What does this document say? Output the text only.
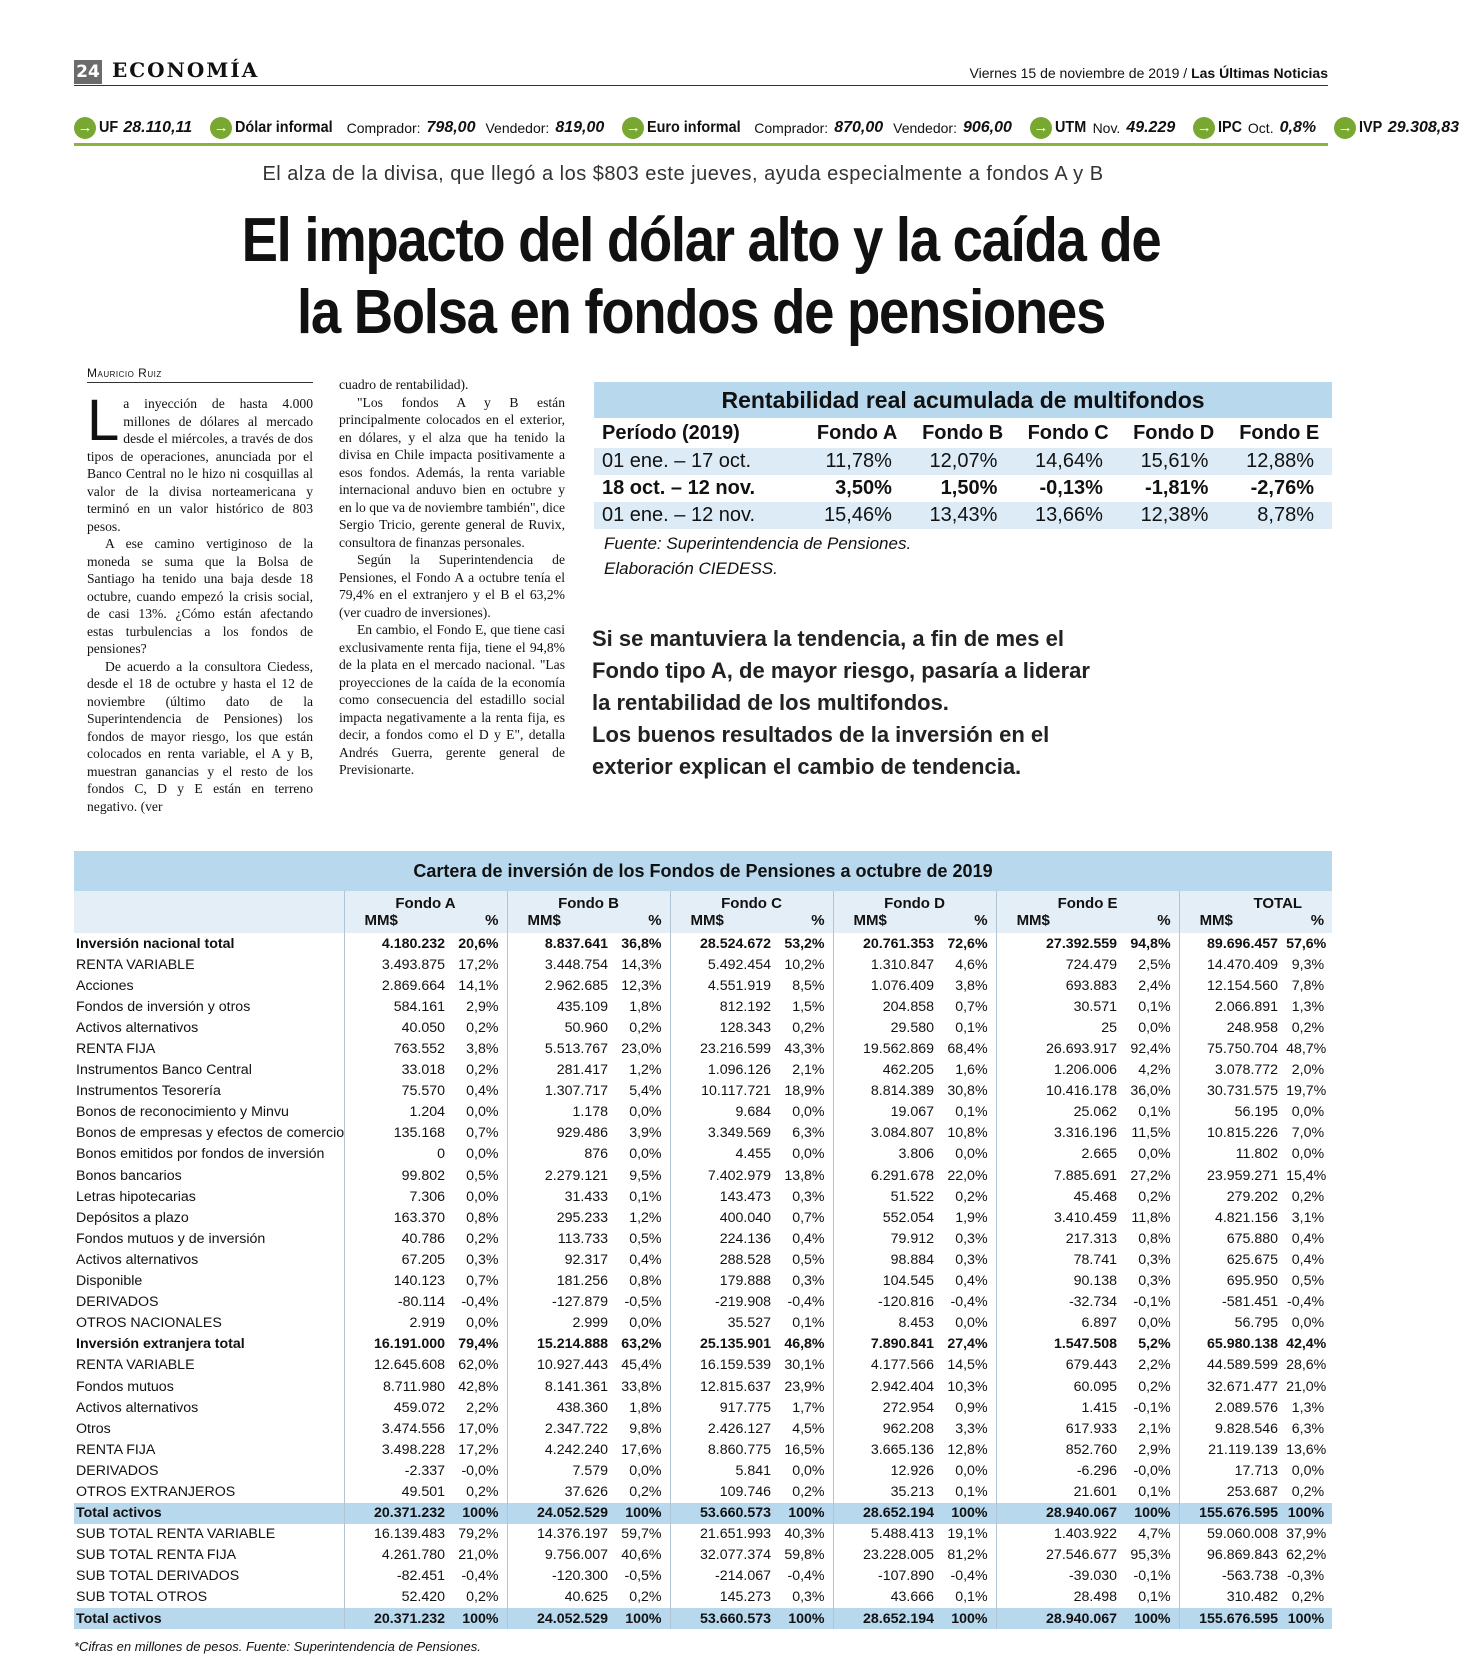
24 ECONOMÍA	Viernes 15 de noviembre de 2019 / Las Últimas Noticias
→ UF 28.110,11 → Dólar informal Comprador: 798,00 Vendedor: 819,00 → Euro informal Comprador: 870,00 Vendedor: 906,00 → UTM Nov. 49.229 → IPC Oct. 0,8% → IVP 29.308,83
El alza de la divisa, que llegó a los $803 este jueves, ayuda especialmente a fondos A y B
El impacto del dólar alto y la caída de
la Bolsa en fondos de pensiones
Mauricio Ruiz

La inyección de hasta 4.000 millones de dólares al mercado desde el miércoles, a través de dos tipos de operaciones, anunciada por el Banco Central no le hizo ni cosquillas al valor de la divisa norteamericana y terminó en un valor histórico de 803 pesos.

A ese camino vertiginoso de la moneda se suma que la Bolsa de Santiago ha tenido una baja desde 18 octubre, cuando empezó la crisis social, de casi 13%. ¿Cómo están afectando estas turbulencias a los fondos de pensiones?

De acuerdo a la consultora Ciedess, desde el 18 de octubre y hasta el 12 de noviembre (último dato de la Superintendencia de Pensiones) los fondos de mayor riesgo, los que están colocados en renta variable, el A y B, muestran ganancias y el resto de los fondos C, D y E están en terreno negativo. (ver

cuadro de rentabilidad).

"Los fondos A y B están principalmente colocados en el exterior, en dólares, y el alza que ha tenido la divisa en Chile impacta positivamente a esos fondos. Además, la renta variable internacional anduvo bien en octubre y en lo que va de noviembre también", dice Sergio Tricio, gerente general de Ruvix, consultora de finanzas personales.

Según la Superintendencia de Pensiones, el Fondo A a octubre tenía el 79,4% en el extranjero y el B el 63,2% (ver cuadro de inversiones).

En cambio, el Fondo E, que tiene casi exclusivamente renta fija, tiene el 94,8% de la plata en el mercado nacional. "Las proyecciones de la caída de la economía como consecuencia del estadillo social impacta negativamente a la renta fija, es decir, a fondos como el D y E", detalla Andrés Guerra, gerente general de Previsionarte.

Rentabilidad real acumulada de multifondos
Período (2019)	Fondo A	Fondo B	Fondo C	Fondo D	Fondo E
01 ene. – 17 oct.	11,78%	12,07%	14,64%	15,61%	12,88%
18 oct. – 12 nov.	3,50%	1,50%	-0,13%	-1,81%	-2,76%
01 ene. – 12 nov.	15,46%	13,43%	13,66%	12,38%	8,78%
Fuente: Superintendencia de Pensiones.
Elaboración CIEDESS.
Si se mantuviera la tendencia, a fin de mes el
Fondo tipo A, de mayor riesgo, pasaría a liderar
la rentabilidad de los multifondos.
Los buenos resultados de la inversión en el
exterior explican el cambio de tendencia.
Cartera de inversión de los Fondos de Pensiones a octubre de 2019
	Fondo A		Fondo B		Fondo C		Fondo D		Fondo E		TOTAL	
	MM$	%	MM$	%	MM$	%	MM$	%	MM$	%	MM$	%
Inversión nacional total	4.180.232	20,6%	8.837.641	36,8%	28.524.672	53,2%	20.761.353	72,6%	27.392.559	94,8%	89.696.457	57,6%
RENTA VARIABLE	3.493.875	17,2%	3.448.754	14,3%	5.492.454	10,2%	1.310.847	4,6%	724.479	2,5%	14.470.409	9,3%
Acciones	2.869.664	14,1%	2.962.685	12,3%	4.551.919	8,5%	1.076.409	3,8%	693.883	2,4%	12.154.560	7,8%
Fondos de inversión y otros	584.161	2,9%	435.109	1,8%	812.192	1,5%	204.858	0,7%	30.571	0,1%	2.066.891	1,3%
Activos alternativos	40.050	0,2%	50.960	0,2%	128.343	0,2%	29.580	0,1%	25	0,0%	248.958	0,2%
RENTA FIJA	763.552	3,8%	5.513.767	23,0%	23.216.599	43,3%	19.562.869	68,4%	26.693.917	92,4%	75.750.704	48,7%
Instrumentos Banco Central	33.018	0,2%	281.417	1,2%	1.096.126	2,1%	462.205	1,6%	1.206.006	4,2%	3.078.772	2,0%
Instrumentos Tesorería	75.570	0,4%	1.307.717	5,4%	10.117.721	18,9%	8.814.389	30,8%	10.416.178	36,0%	30.731.575	19,7%
Bonos de reconocimiento y Minvu	1.204	0,0%	1.178	0,0%	9.684	0,0%	19.067	0,1%	25.062	0,1%	56.195	0,0%
Bonos de empresas y efectos de comercio	135.168	0,7%	929.486	3,9%	3.349.569	6,3%	3.084.807	10,8%	3.316.196	11,5%	10.815.226	7,0%
Bonos emitidos por fondos de inversión	0	0,0%	876	0,0%	4.455	0,0%	3.806	0,0%	2.665	0,0%	11.802	0,0%
Bonos bancarios	99.802	0,5%	2.279.121	9,5%	7.402.979	13,8%	6.291.678	22,0%	7.885.691	27,2%	23.959.271	15,4%
Letras hipotecarias	7.306	0,0%	31.433	0,1%	143.473	0,3%	51.522	0,2%	45.468	0,2%	279.202	0,2%
Depósitos a plazo	163.370	0,8%	295.233	1,2%	400.040	0,7%	552.054	1,9%	3.410.459	11,8%	4.821.156	3,1%
Fondos mutuos y de inversión	40.786	0,2%	113.733	0,5%	224.136	0,4%	79.912	0,3%	217.313	0,8%	675.880	0,4%
Activos alternativos	67.205	0,3%	92.317	0,4%	288.528	0,5%	98.884	0,3%	78.741	0,3%	625.675	0,4%
Disponible	140.123	0,7%	181.256	0,8%	179.888	0,3%	104.545	0,4%	90.138	0,3%	695.950	0,5%
DERIVADOS	-80.114	-0,4%	-127.879	-0,5%	-219.908	-0,4%	-120.816	-0,4%	-32.734	-0,1%	-581.451	-0,4%
OTROS NACIONALES	2.919	0,0%	2.999	0,0%	35.527	0,1%	8.453	0,0%	6.897	0,0%	56.795	0,0%
Inversión extranjera total	16.191.000	79,4%	15.214.888	63,2%	25.135.901	46,8%	7.890.841	27,4%	1.547.508	5,2%	65.980.138	42,4%
RENTA VARIABLE	12.645.608	62,0%	10.927.443	45,4%	16.159.539	30,1%	4.177.566	14,5%	679.443	2,2%	44.589.599	28,6%
Fondos mutuos	8.711.980	42,8%	8.141.361	33,8%	12.815.637	23,9%	2.942.404	10,3%	60.095	0,2%	32.671.477	21,0%
Activos alternativos	459.072	2,2%	438.360	1,8%	917.775	1,7%	272.954	0,9%	1.415	-0,1%	2.089.576	1,3%
Otros	3.474.556	17,0%	2.347.722	9,8%	2.426.127	4,5%	962.208	3,3%	617.933	2,1%	9.828.546	6,3%
RENTA FIJA	3.498.228	17,2%	4.242.240	17,6%	8.860.775	16,5%	3.665.136	12,8%	852.760	2,9%	21.119.139	13,6%
DERIVADOS	-2.337	-0,0%	7.579	0,0%	5.841	0,0%	12.926	0,0%	-6.296	-0,0%	17.713	0,0%
OTROS EXTRANJEROS	49.501	0,2%	37.626	0,2%	109.746	0,2%	35.213	0,1%	21.601	0,1%	253.687	0,2%
Total activos	20.371.232	100%	24.052.529	100%	53.660.573	100%	28.652.194	100%	28.940.067	100%	155.676.595	100%
SUB TOTAL RENTA VARIABLE	16.139.483	79,2%	14.376.197	59,7%	21.651.993	40,3%	5.488.413	19,1%	1.403.922	4,7%	59.060.008	37,9%
SUB TOTAL RENTA FIJA	4.261.780	21,0%	9.756.007	40,6%	32.077.374	59,8%	23.228.005	81,2%	27.546.677	95,3%	96.869.843	62,2%
SUB TOTAL DERIVADOS	-82.451	-0,4%	-120.300	-0,5%	-214.067	-0,4%	-107.890	-0,4%	-39.030	-0,1%	-563.738	-0,3%
SUB TOTAL OTROS	52.420	0,2%	40.625	0,2%	145.273	0,3%	43.666	0,1%	28.498	0,1%	310.482	0,2%
Total activos	20.371.232	100%	24.052.529	100%	53.660.573	100%	28.652.194	100%	28.940.067	100%	155.676.595	100%
*Cifras en millones de pesos. Fuente: Superintendencia de Pensiones.
